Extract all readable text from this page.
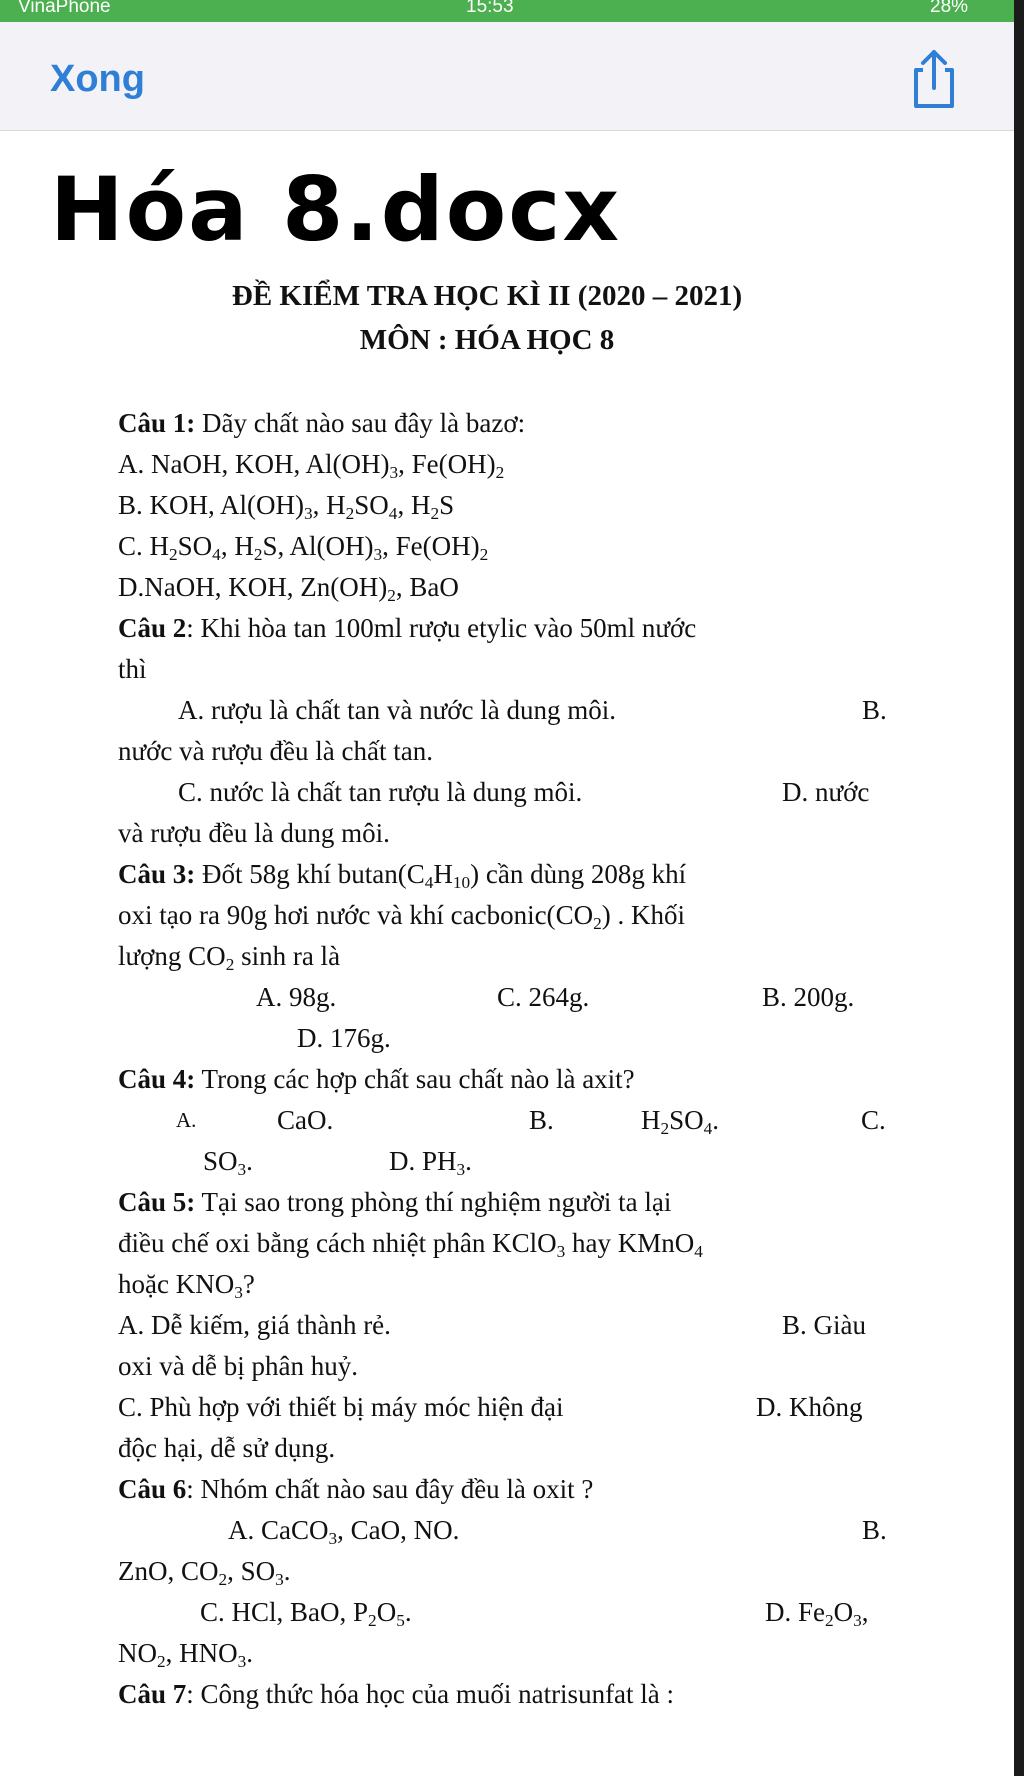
VinaPhone	15:53	28%
Xong
Hóa 8.docx
ĐỀ KIỂM TRA HỌC KÌ II (2020 – 2021)
MÔN : HÓA HỌC 8
Câu 1: Dãy chất nào sau đây là bazơ:
A. NaOH, KOH, $Al(OH)_3$, $Fe(OH)_2$
B. KOH, $Al(OH)_3$, $H_2SO_4$, $H_2S$
C. $H_2SO_4$, $H_2S$, $Al(OH)_3$, $Fe(OH)_2$
D.NaOH, KOH, $Zn(OH)_2$, BaO
Câu 2: Khi hòa tan 100ml rượu etylic vào 50ml nước
thì
A. rượu là chất tan và nước là dung môi.	B.
nước và rượu đều là chất tan.
C. nước là chất tan rượu là dung môi.	D. nước
và rượu đều là dung môi.
Câu 3: Đốt 58g khí $butan(C_4H_{10})$ cần dùng 208g khí
oxi tạo ra 90g hơi nước và khí $cacbonic(CO_2)$ . Khối
lượng $CO_2$ sinh ra là
A. 98g.	C. 264g.	B. 200g.
D. 176g.
Câu 4: Trong các hợp chất sau chất nào là axit?
A.	CaO.	B.	$H_2SO_4$.	C.
$SO_3$.	D. $PH_3$.
Câu 5: Tại sao trong phòng thí nghiệm người ta lại
điều chế oxi bằng cách nhiệt phân KClO$_3$ hay KMnO$_4$
hoặc $KNO_3$?
A. Dễ kiếm, giá thành rẻ.	B. Giàu
oxi và dễ bị phân huỷ.
C. Phù hợp với thiết bị máy móc hiện đại	D. Không
độc hại, dễ sử dụng.
Câu 6: Nhóm chất nào sau đây đều là oxit ?
A. CaCO$_3$, CaO, NO.	B.
ZnO, $CO_2$, $SO_3$.
C. HCl, BaO, $P_2O_5$.	D. $Fe_2O_3$,
$NO_2$, $HNO_3$.
Câu 7: Công thức hóa học của muối natrisunfat là :
